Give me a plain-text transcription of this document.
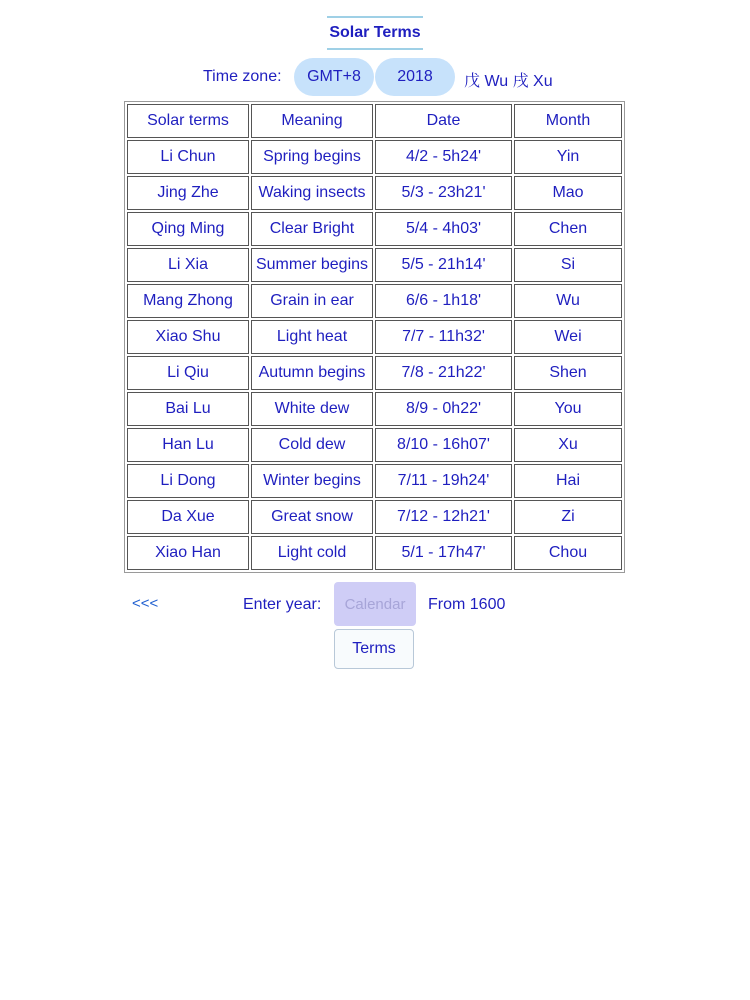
Solar Terms
Time zone:	GMT+8	2018	戊 Wu 戌 Xu
Solar terms	Meaning	Date	Month
Li Chun	Spring begins	4/2 - 5h24'	Yin
Jing Zhe	Waking insects	5/3 - 23h21'	Mao
Qing Ming	Clear Bright	5/4 - 4h03'	Chen
Li Xia	Summer begins	5/5 - 21h14'	Si
Mang Zhong	Grain in ear	6/6 - 1h18'	Wu
Xiao Shu	Light heat	7/7 - 11h32'	Wei
Li Qiu	Autumn begins	7/8 - 21h22'	Shen
Bai Lu	White dew	8/9 - 0h22'	You
Han Lu	Cold dew	8/10 - 16h07'	Xu
Li Dong	Winter begins	7/11 - 19h24'	Hai
Da Xue	Great snow	7/12 - 12h21'	Zi
Xiao Han	Light cold	5/1 - 17h47'	Chou
<<<	Enter year:	Calendar	From 1600
Terms
